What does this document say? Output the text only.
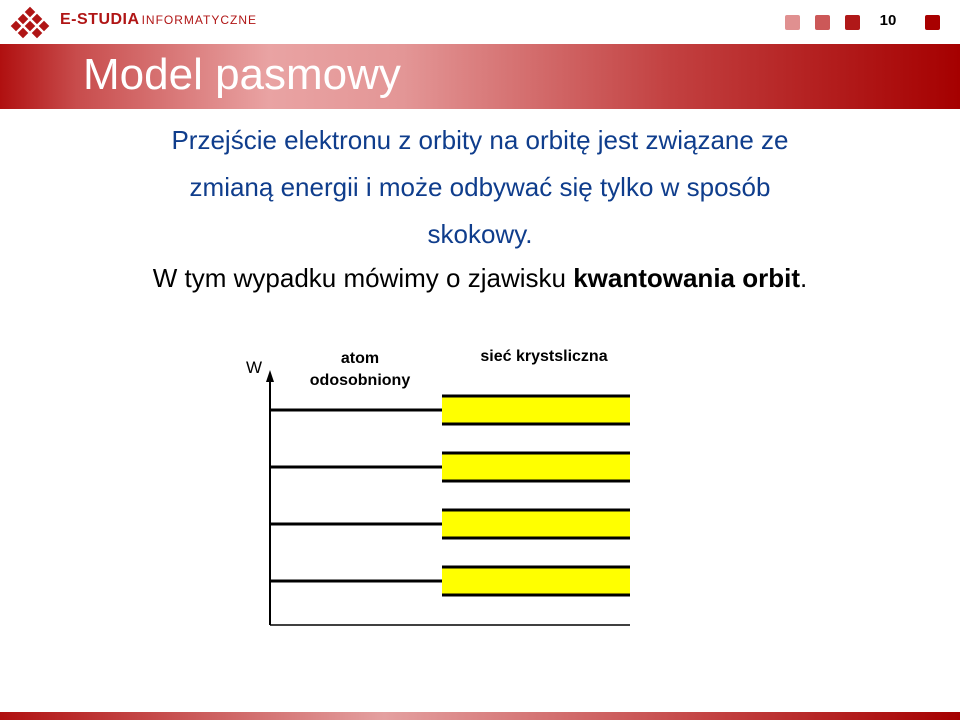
E-STUDIA INFORMATYCZNE	10
Model pasmowy
Przejście elektronu z orbity na orbitę jest związane ze
zmianą energii i może odbywać się tylko w sposób
skokowy.
W tym wypadku mówimy o zjawisku kwantowania orbit.
W	atom
odosobniony
sieć krystsliczna
